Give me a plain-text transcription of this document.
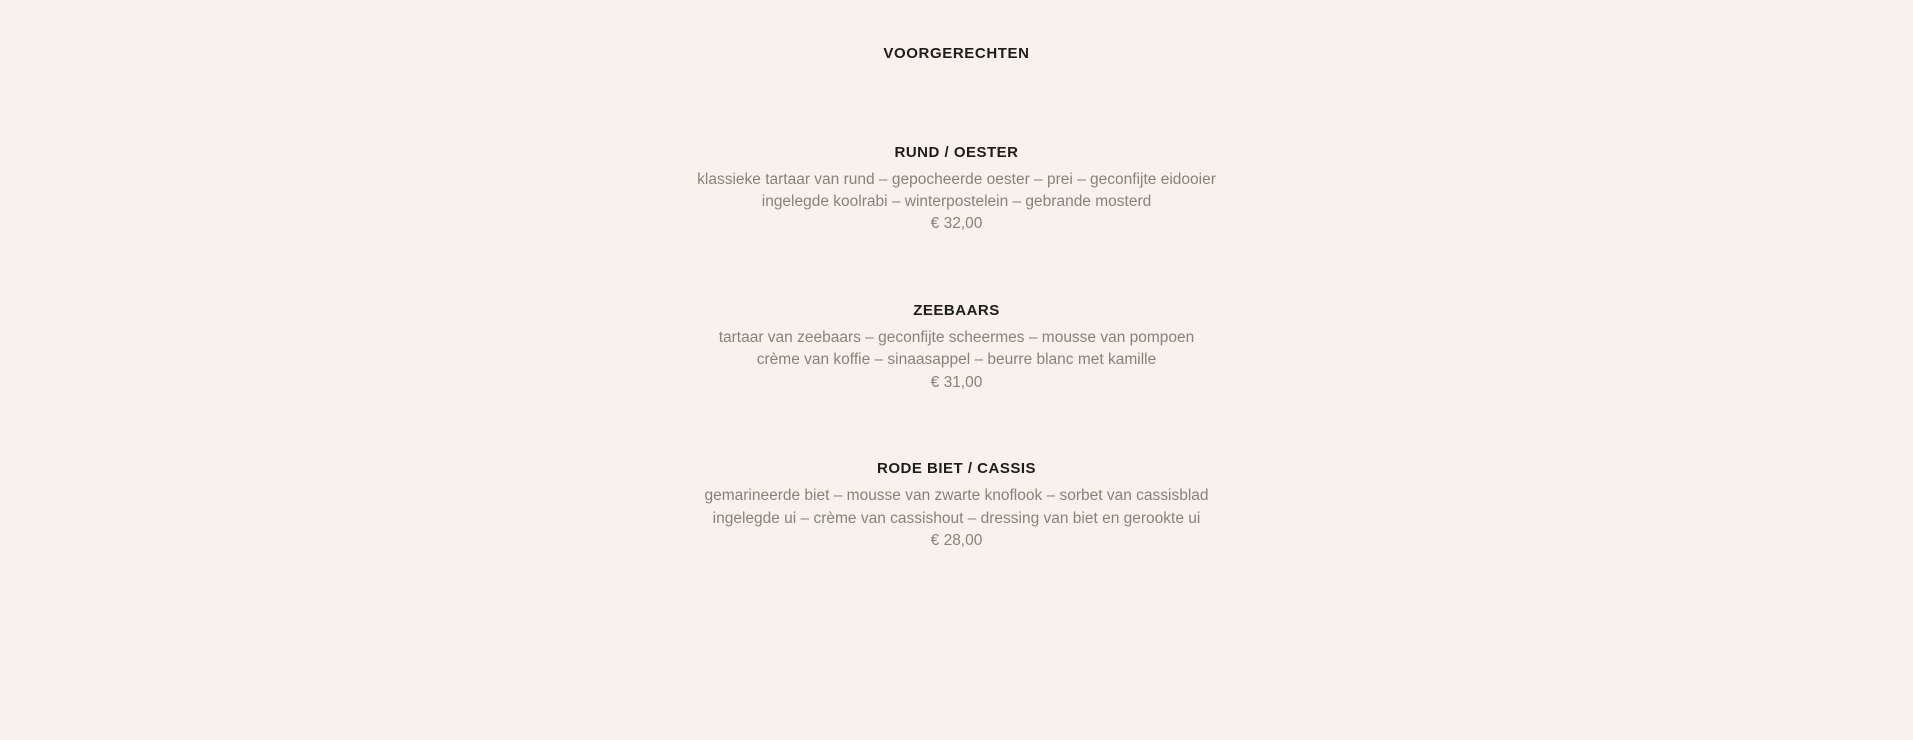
VOORGERECHTEN
RUND / OESTER

klassieke tartaar van rund – gepocheerde oester – prei – geconfijte eidooier

ingelegde koolrabi – winterpostelein – gebrande mosterd

€ 32,00

ZEEBAARS

tartaar van zeebaars – geconfijte scheermes – mousse van pompoen

crème van koffie – sinaasappel – beurre blanc met kamille

€ 31,00

RODE BIET / CASSIS

gemarineerde biet – mousse van zwarte knoflook – sorbet van cassisblad

ingelegde ui – crème van cassishout – dressing van biet en gerookte ui

€ 28,00
